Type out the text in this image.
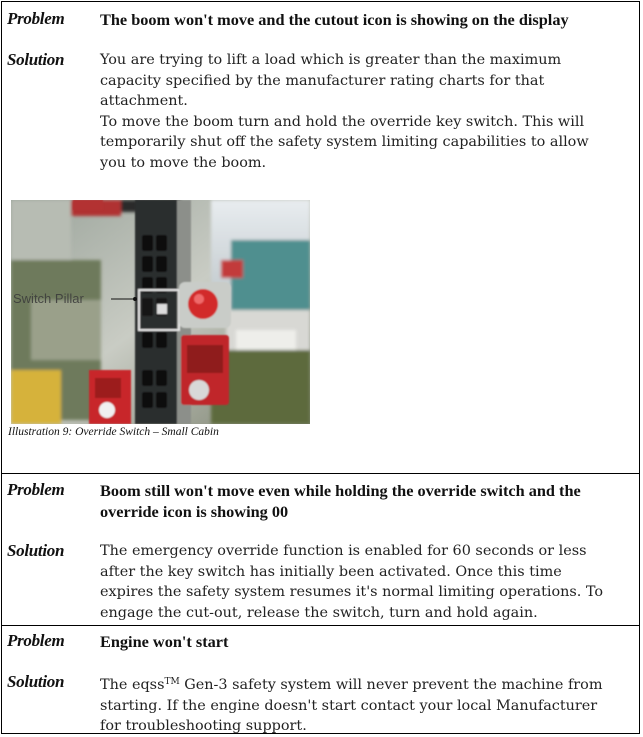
Problem The boom won't move and the cutout icon is showing on the display
Solution You are trying to lift a load which is greater than the maximum
capacity specified by the manufacturer rating charts for that
attachment.
To move the boom turn and hold the override key switch. This will
temporarily shut off the safety system limiting capabilities to allow
you to move the boom.
Switch Pillar
Illustration 9: Override Switch – Small Cabin
Problem Boom still won't move even while holding the override switch and the
override icon is showing 00
Solution The emergency override function is enabled for 60 seconds or less
after the key switch has initially been activated. Once this time
expires the safety system resumes it's normal limiting operations. To
engage the cut-out, release the switch, turn and hold again.
Problem Engine won't start
Solution The eqss™ Gen-3 safety system will never prevent the machine from
starting. If the engine doesn't start contact your local Manufacturer
for troubleshooting support.
